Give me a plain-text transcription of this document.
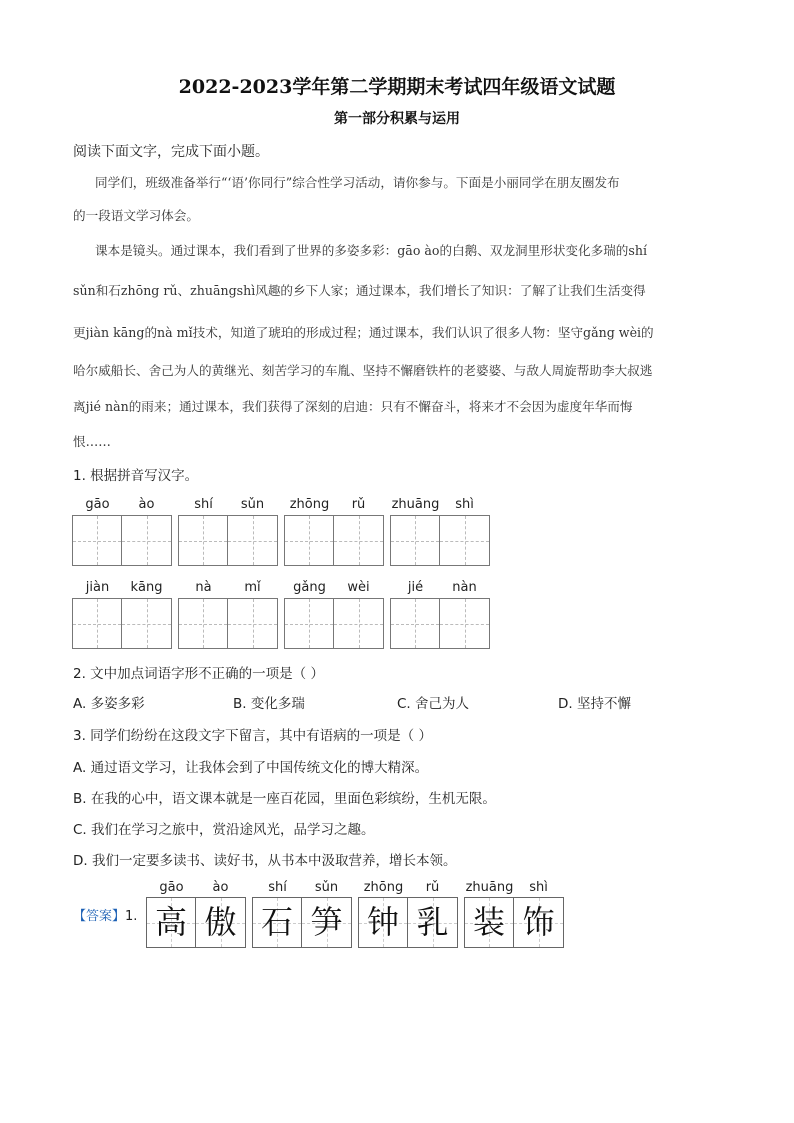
2022-2023学年第二学期期末考试四年级语文试题
第一部分积累与运用
阅读下面文字，完成下面小题。
同学们，班级准备举行“‘语’你同行”综合性学习活动，请你参与。下面是小丽同学在朋友圈发布
的一段语文学习体会。
课本是镜头。通过课本，我们看到了世界的多姿多彩：gāo ào的白鹅、双龙洞里形状变化多瑞的shí
sǔn和石zhōng rǔ、zhuāngshì风趣的乡下人家；通过课本，我们增长了知识：了解了让我们生活变得
更jiàn kāng的nà mǐ技术，知道了琥珀的形成过程；通过课本，我们认识了很多人物：坚守gǎng wèi的
哈尔威船长、舍己为人的黄继光、刻苦学习的车胤、坚持不懈磨铁杵的老婆婆、与敌人周旋帮助李大叔逃
离jié nàn的雨来；通过课本，我们获得了深刻的启迪：只有不懈奋斗，将来才不会因为虚度年华而悔
恨……
1. 根据拼音写汉字。
gāo	ào	shí	sǔn	zhōng	rǔ	zhuāng	shì
jiàn	kāng	nà	mǐ	gǎng	wèi	jié	nàn
2. 文中加点词语字形不正确的一项是（ ）
A. 多姿多彩	B. 变化多瑞	C. 舍己为人	D. 坚持不懈
3. 同学们纷纷在这段文字下留言，其中有语病的一项是（ ）
A. 通过语文学习，让我体会到了中国传统文化的博大精深。
B. 在我的心中，语文课本就是一座百花园，里面色彩缤纷，生机无限。
C. 我们在学习之旅中，赏沿途风光，品学习之趣。
D. 我们一定要多读书、读好书，从书本中汲取营养，增长本领。
【答案】1.
gāo	ào
高 傲
shí	sǔn
石 笋
zhōng	rǔ
钟 乳
zhuāng	shì
装 饰
